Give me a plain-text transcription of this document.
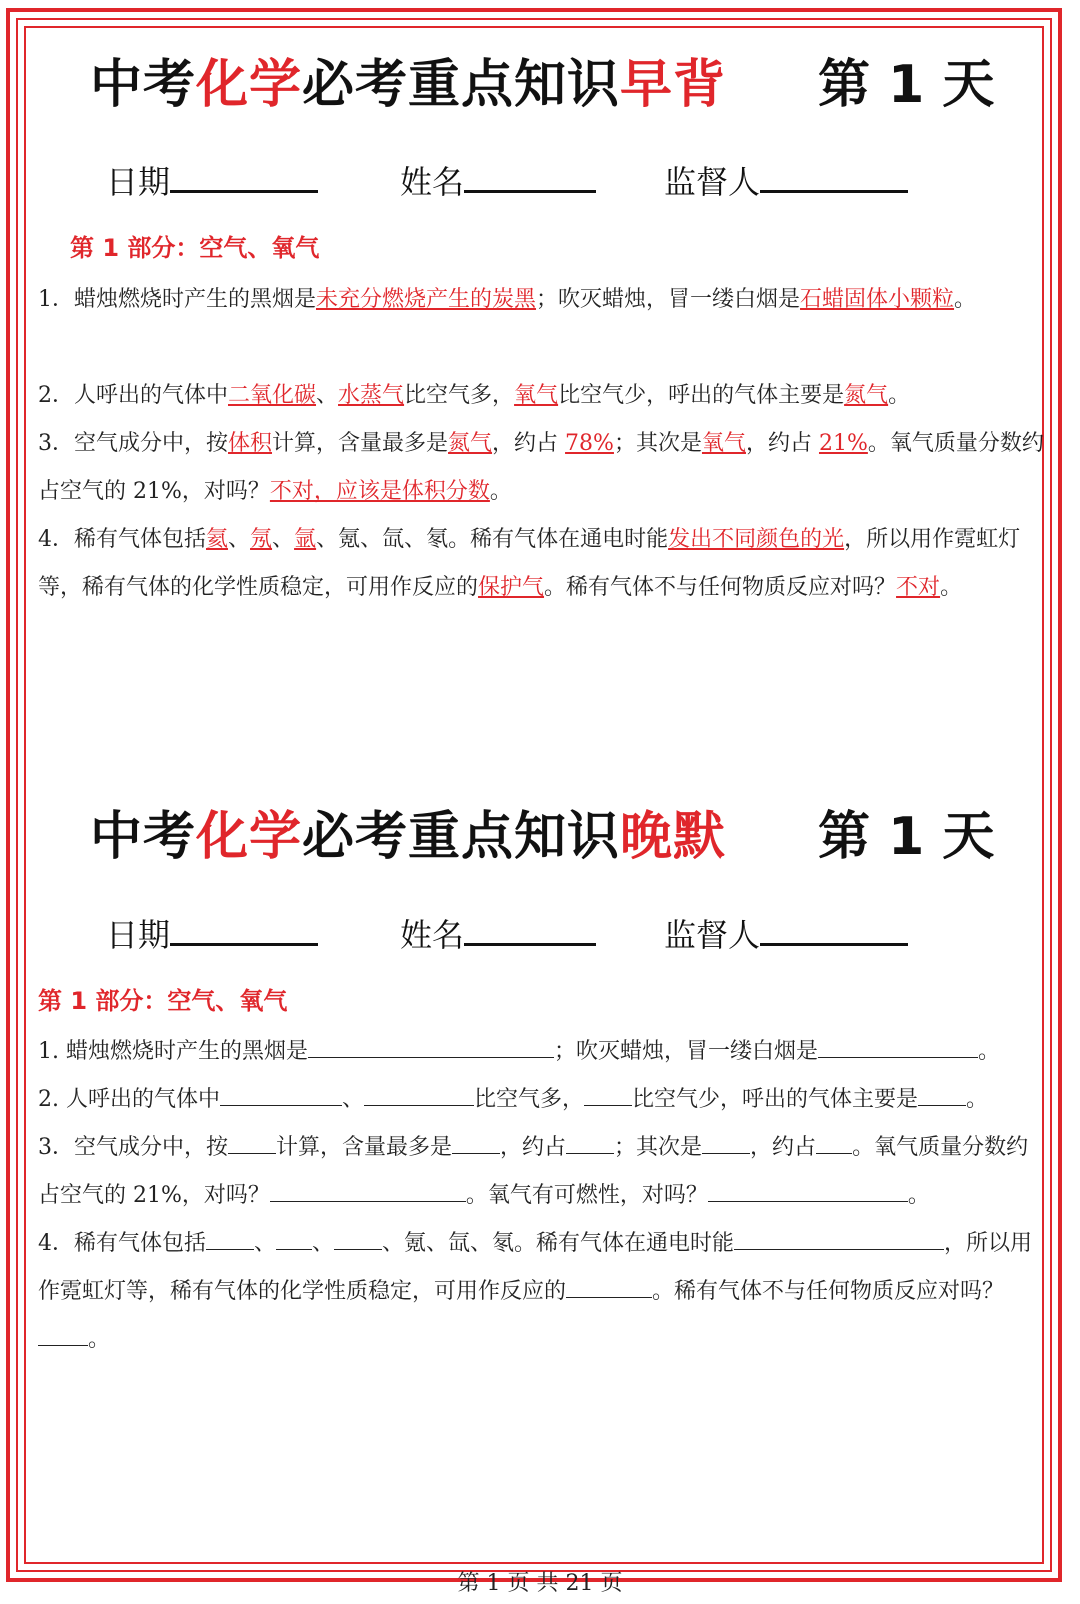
中考化学必考重点知识早背 第 1 天
日期	姓名	监督人
第 1 部分：空气、氧气
1．蜡烛燃烧时产生的黑烟是未充分燃烧产生的炭黑；吹灭蜡烛，冒一缕白烟是石蜡固体小颗粒。
2．人呼出的气体中二氧化碳、水蒸气比空气多，氧气比空气少，呼出的气体主要是氮气。
3．空气成分中，按体积计算，含量最多是氮气，约占 78%；其次是氧气，约占 21%。氧气质量分数约占空气的 21%，对吗？不对，应该是体积分数。
4．稀有气体包括氦、氖、氩、氪、氙、氡。稀有气体在通电时能发出不同颜色的光，所以用作霓虹灯等，稀有气体的化学性质稳定，可用作反应的保护气。稀有气体不与任何物质反应对吗？不对。
中考化学必考重点知识晚默 第 1 天
日期	姓名	监督人
第 1 部分：空气、氧气
1. 蜡烛燃烧时产生的黑烟是	；吹灭蜡烛，冒一缕白烟是	。
2. 人呼出的气体中	、	比空气多， 比空气少，呼出的气体主要是 。
3．空气成分中，按 计算，含量最多是 ，约占 ；其次是 ，约占 。氧气质量分数约占空气的 21%，对吗？	。氧气有可燃性，对吗？	。
4．稀有气体包括 、 、 、氪、氙、氡。稀有气体在通电时能	，所以用作霓虹灯等，稀有气体的化学性质稳定，可用作反应的	。稀有气体不与任何物质反应对吗？。
第 1 页 共 21 页
